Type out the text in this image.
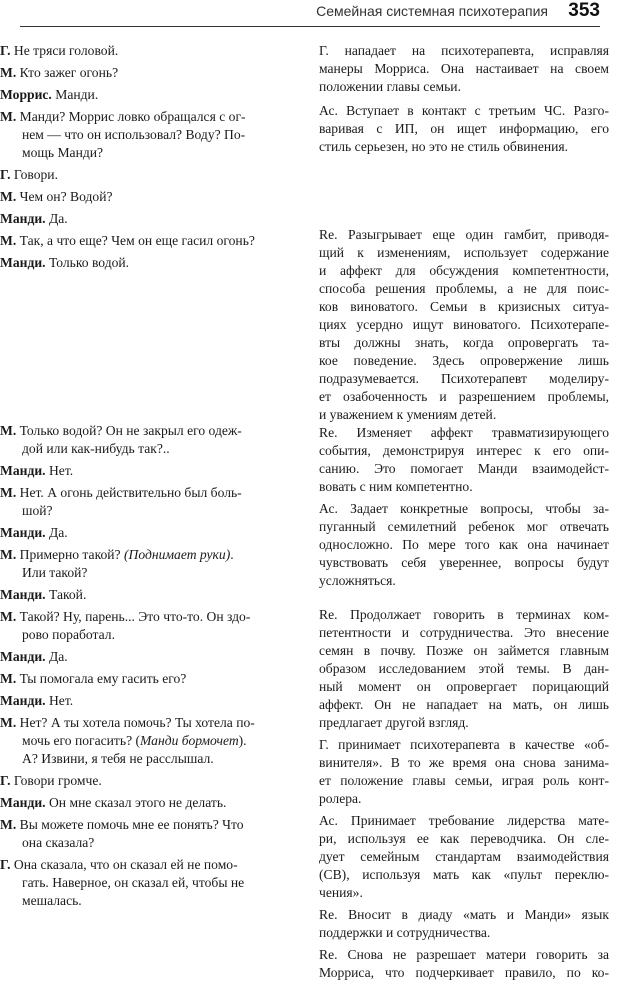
Семейная системная психотерапия 353
Г. Не тряси головой.
М. Кто зажег огонь?
Моррис. Манди.
М. Манди? Моррис ловко обращался с ог-
нем — что он использовал? Воду? По-
мощь Манди?
Г. Говори.
М. Чем он? Водой?
Манди. Да.
М. Так, а что еще? Чем он еще гасил огонь?
Манди. Только водой.
М. Только водой? Он не закрыл его одеж-
дой или как-нибудь так?..
Манди. Нет.
М. Нет. А огонь действительно был боль-
шой?
Манди. Да.
М. Примерно такой? (Поднимает руки).
Или такой?
Манди. Такой.
М. Такой? Ну, парень... Это что-то. Он здо-
рово поработал.
Манди. Да.
М. Ты помогала ему гасить его?
Манди. Нет.
М. Нет? А ты хотела помочь? Ты хотела по-
мочь его погасить? (Манди бормочет).
А? Извини, я тебя не расслышал.
Г. Говори громче.
Манди. Он мне сказал этого не делать.
М. Вы можете помочь мне ее понять? Что
она сказала?
Г. Она сказала, что он сказал ей не помо-
гать. Наверное, он сказал ей, чтобы не
мешалась.
Г. нападает на психотерапевта, исправляя
манеры Морриса. Она настаивает на своем
положении главы семьи.
Ас. Вступает в контакт с третьим ЧС. Разго-
варивая с ИП, он ищет информацию, его
стиль серьезен, но это не стиль обвинения.
Re. Разыгрывает еще один гамбит, приводя-
щий к изменениям, использует содержание
и аффект для обсуждения компетентности,
способа решения проблемы, а не для поис-
ков виноватого. Семьи в кризисных ситуа-
циях усердно ищут виноватого. Психотерапе-
вты должны знать, когда опровергать та-
кое поведение. Здесь опровержение лишь
подразумевается. Психотерапевт моделиру-
ет озабоченность и разрешением проблемы,
и уважением к умениям детей.
Re. Изменяет аффект травматизирующего
события, демонстрируя интерес к его опи-
санию. Это помогает Манди взаимодейст-
вовать с ним компетентно.
Ас. Задает конкретные вопросы, чтобы за-
пуганный семилетний ребенок мог отвечать
односложно. По мере того как она начинает
чувствовать себя увереннее, вопросы будут
усложняться.
Re. Продолжает говорить в терминах ком-
петентности и сотрудничества. Это внесение
семян в почву. Позже он займется главным
образом исследованием этой темы. В дан-
ный момент он опровергает порицающий
аффект. Он не нападает на мать, он лишь
предлагает другой взгляд.
Г. принимает психотерапевта в качестве «об-
винителя». В то же время она снова занима-
ет положение главы семьи, играя роль конт-
ролера.
Ас. Принимает требование лидерства мате-
ри, используя ее как переводчика. Он сле-
дует семейным стандартам взаимодействия
(СВ), используя мать как «пульт переклю-
чения».
Re. Вносит в диаду «мать и Манди» язык
поддержки и сотрудничества.
Re. Снова не разрешает матери говорить за
Морриса, что подчеркивает правило, по ко-
